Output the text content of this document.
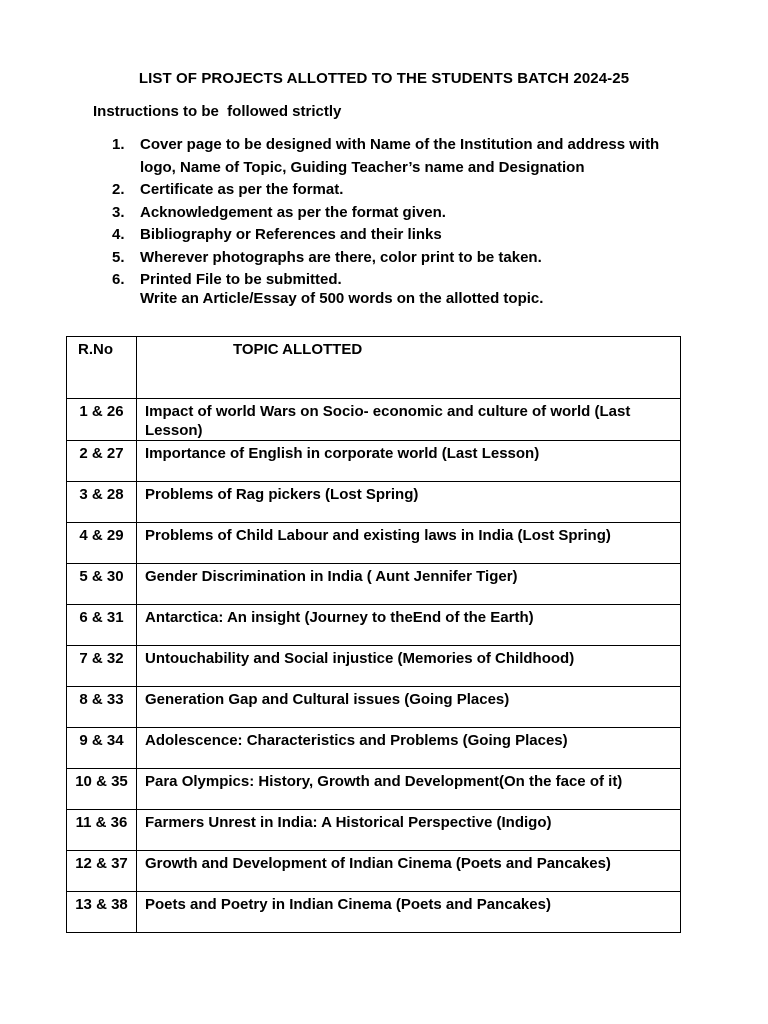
LIST OF PROJECTS ALLOTTED TO THE STUDENTS BATCH 2024-25
Instructions to be  followed strictly
1.	Cover page to be designed with Name of the Institution and address with logo, Name of Topic, Guiding Teacher’s name and Designation
2.	Certificate as per the format.
3.	Acknowledgement as per the format given.
4.	Bibliography or References and their links
5.	Wherever photographs are there, color print to be taken.
6.	Printed File to be submitted.
Write an Article/Essay of 500 words on the allotted topic.
R.No	TOPIC ALLOTTED

1 & 26	Impact of world Wars on Socio- economic and culture of world (Last Lesson)

2 & 27	Importance of English in corporate world (Last Lesson)

3 & 28	Problems of Rag pickers (Lost Spring)

4 & 29	Problems of Child Labour and existing laws in India (Lost Spring)

5 & 30	Gender Discrimination in India ( Aunt Jennifer Tiger)

6 & 31	Antarctica: An insight (Journey to theEnd of the Earth)

7 & 32	Untouchability and Social injustice (Memories of Childhood)

8 & 33	Generation Gap and Cultural issues (Going Places)

9 & 34	Adolescence: Characteristics and Problems (Going Places)

10 & 35	Para Olympics: History, Growth and Development(On the face of it)

11 & 36	Farmers Unrest in India: A Historical Perspective (Indigo)

12 & 37	Growth and Development of Indian Cinema (Poets and Pancakes)

13 & 38	Poets and Poetry in Indian Cinema (Poets and Pancakes)
